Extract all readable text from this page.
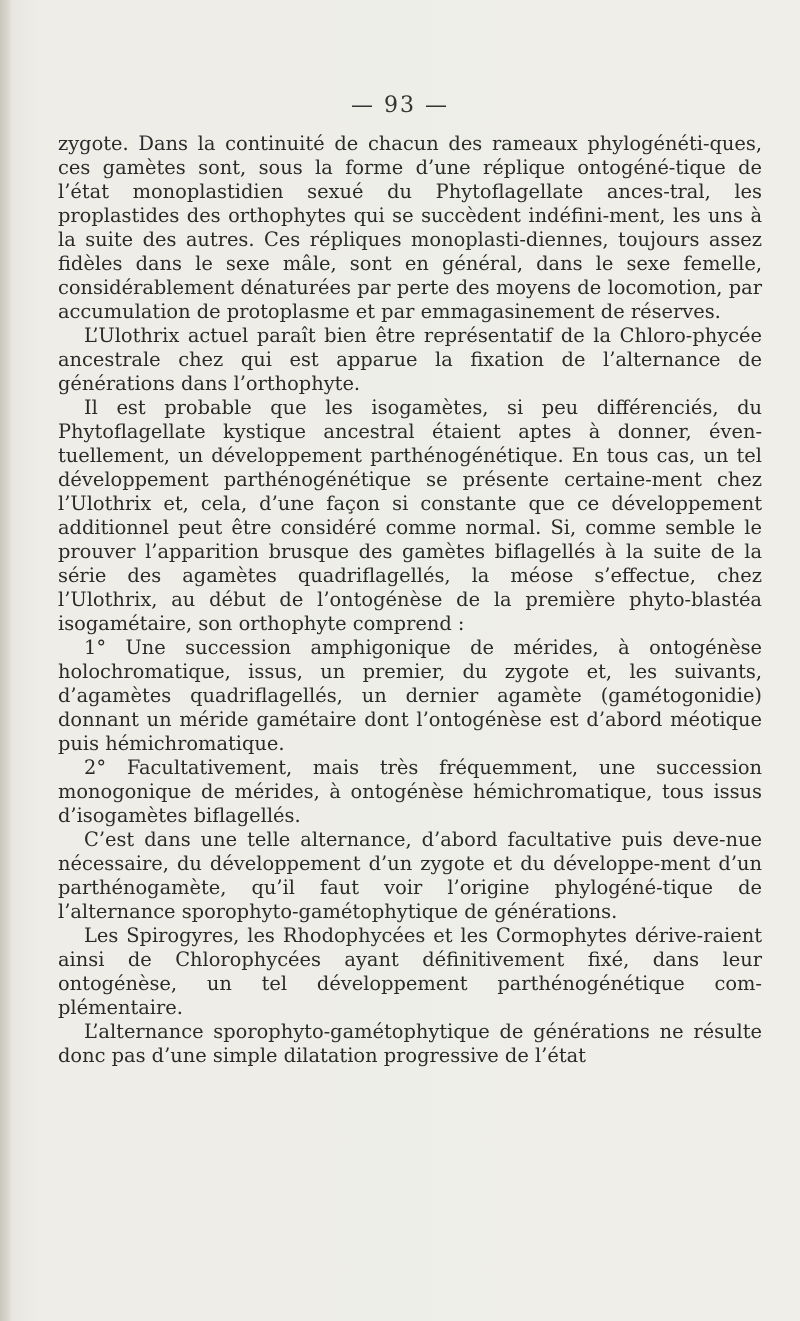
— 93 —

zygote. Dans la continuité de chacun des rameaux phylogénéti-ques, ces gamètes sont, sous la forme d’une réplique ontogéné-tique de l’état monoplastidien sexué du Phytoflagellate ances-tral, les proplastides des orthophytes qui se succèdent indéfini-ment, les uns à la suite des autres. Ces répliques monoplasti-diennes, toujours assez fidèles dans le sexe mâle, sont en général, dans le sexe femelle, considérablement dénaturées par perte des moyens de locomotion, par accumulation de protoplasme et par emmagasinement de réserves.

L’Ulothrix actuel paraît bien être représentatif de la Chloro-phycée ancestrale chez qui est apparue la fixation de l’alternance de générations dans l’orthophyte.

Il est probable que les isogamètes, si peu différenciés, du Phytoflagellate kystique ancestral étaient aptes à donner, éven-tuellement, un développement parthénogénétique. En tous cas, un tel développement parthénogénétique se présente certaine-ment chez l’Ulothrix et, cela, d’une façon si constante que ce développement additionnel peut être considéré comme normal. Si, comme semble le prouver l’apparition brusque des gamètes biflagellés à la suite de la série des agamètes quadriflagellés, la méose s’effectue, chez l’Ulothrix, au début de l’ontogénèse de la première phyto-blastéa isogamétaire, son orthophyte comprend :

1° Une succession amphigonique de mérides, à ontogénèse holochromatique, issus, un premier, du zygote et, les suivants, d’agamètes quadriflagellés, un dernier agamète (gamétogonidie) donnant un méride gamétaire dont l’ontogénèse est d’abord méotique puis hémichromatique.

2° Facultativement, mais très fréquemment, une succession monogonique de mérides, à ontogénèse hémichromatique, tous issus d’isogamètes biflagellés.

C’est dans une telle alternance, d’abord facultative puis deve-nue nécessaire, du développement d’un zygote et du développe-ment d’un parthénogamète, qu’il faut voir l’origine phylogéné-tique de l’alternance sporophyto-gamétophytique de générations.

Les Spirogyres, les Rhodophycées et les Cormophytes dérive-raient ainsi de Chlorophycées ayant définitivement fixé, dans leur ontogénèse, un tel développement parthénogénétique com-plémentaire.

L’alternance sporophyto-gamétophytique de générations ne résulte donc pas d’une simple dilatation progressive de l’état
